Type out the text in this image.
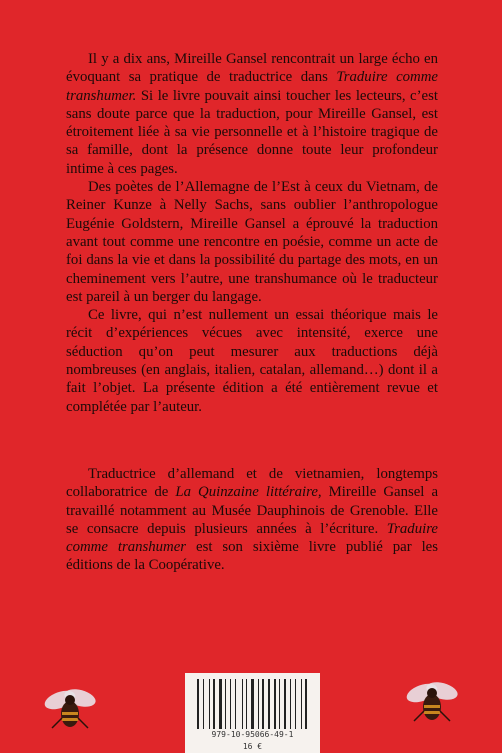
Il y a dix ans, Mireille Gansel rencontrait un large écho en évoquant sa pratique de traductrice dans Traduire comme transhumer. Si le livre pouvait ainsi toucher les lecteurs, c’est sans doute parce que la traduction, pour Mireille Gansel, est étroitement liée à sa vie personnelle et à l’histoire tragique de sa famille, dont la présence donne toute leur profondeur intime à ces pages.

Des poètes de l’Allemagne de l’Est à ceux du Vietnam, de Reiner Kunze à Nelly Sachs, sans oublier l’anthropologue Eugénie Goldstern, Mireille Gansel a éprouvé la traduction avant tout comme une rencontre en poésie, comme un acte de foi dans la vie et dans la possibilité du partage des mots, en un cheminement vers l’autre, une transhumance où le traducteur est pareil à un berger du langage.

Ce livre, qui n’est nullement un essai théorique mais le récit d’expériences vécues avec intensité, exerce une séduction qu’on peut mesurer aux traductions déjà nombreuses (en anglais, italien, catalan, allemand…) dont il a fait l’objet. La présente édition a été entièrement revue et complétée par l’auteur.

Traductrice d’allemand et de vietnamien, longtemps collaboratrice de La Quinzaine littéraire, Mireille Gansel a travaillé notamment au Musée Dauphinois de Grenoble. Elle se consacre depuis plusieurs années à l’écriture. Traduire comme transhumer est son sixième livre publié par les éditions de la Coopérative.

979-10-95066-49-1
16 €
